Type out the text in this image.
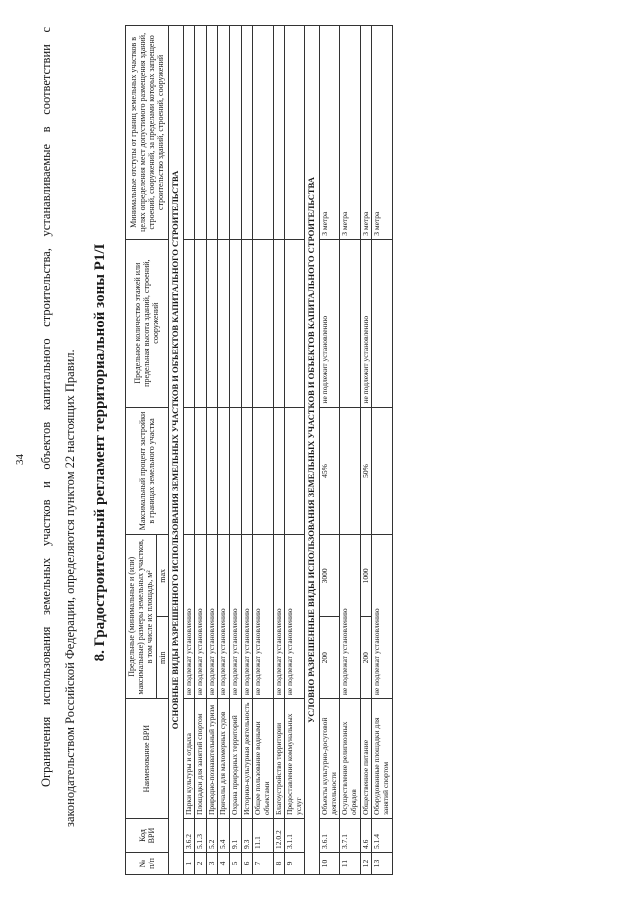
34	Ограничения использования земельных участков и объектов капитального строительства, устанавливаемые в соответствии с законодательством Российской Федерации, определяются пунктом 22 настоящих Правил.	8. Градостроительный регламент территориальной зоны Р1/I
№ п/п	Код ВРИ	Наименование ВРИ	Предельные (минимальные и (или) максимальные) размеры земельных участков, в том числе их площадь, м²		Максимальный процент застройки в границах земельного участка	Предельное количество этажей или предельная высота зданий, строений, сооружений	Минимальные отступы от границ земельных участков в целях определения мест допустимого размещения зданий, строений, сооружений, за пределами которых запрещено строительство зданий, строений, сооружений
			min	max			
ОСНОВНЫЕ ВИДЫ РАЗРЕШЕННОГО ИСПОЛЬЗОВАНИЯ ЗЕМЕЛЬНЫХ УЧАСТКОВ И ОБЪЕКТОВ КАПИТАЛЬНОГО СТРОИТЕЛЬСТВА							
1	3.6.2	Парки культуры и отдыха	не подлежат установлению				
2	5.1.3	Площадки для занятий спортом	не подлежат установлению				
3	5.2	Природно-познавательный туризм	не подлежат установлению				
4	5.4	Причалы для маломерных судов	не подлежат установлению				
5	9.1	Охрана природных территорий	не подлежат установлению				
6	9.3	Историко-культурная деятельность	не подлежат установлению				
7	11.1	Общее пользование водными объектами	не подлежат установлению				
8	12.0.2	Благоустройство территории	не подлежат установлению				
9	3.1.1	Предоставление коммунальных услуг	не подлежат установлению				
УСЛОВНО РАЗРЕШЕННЫЕ ВИДЫ ИСПОЛЬЗОВАНИЯ ЗЕМЕЛЬНЫХ УЧАСТКОВ И ОБЪЕКТОВ КАПИТАЛЬНОГО СТРОИТЕЛЬСТВА							
10	3.6.1	Объекты культурно-досуговой деятельности	200	3000	45%	не подлежит установлению	3 метра
11	3.7.1	Осуществление религиозных обрядов	не подлежат установлению				3 метра
12	4.6	Общественное питание	200	1000	50%	не подлежит установлению	3 метра
13	5.1.4	Оборудованные площадки для занятий спортом	не подлежат установлению				3 метра
